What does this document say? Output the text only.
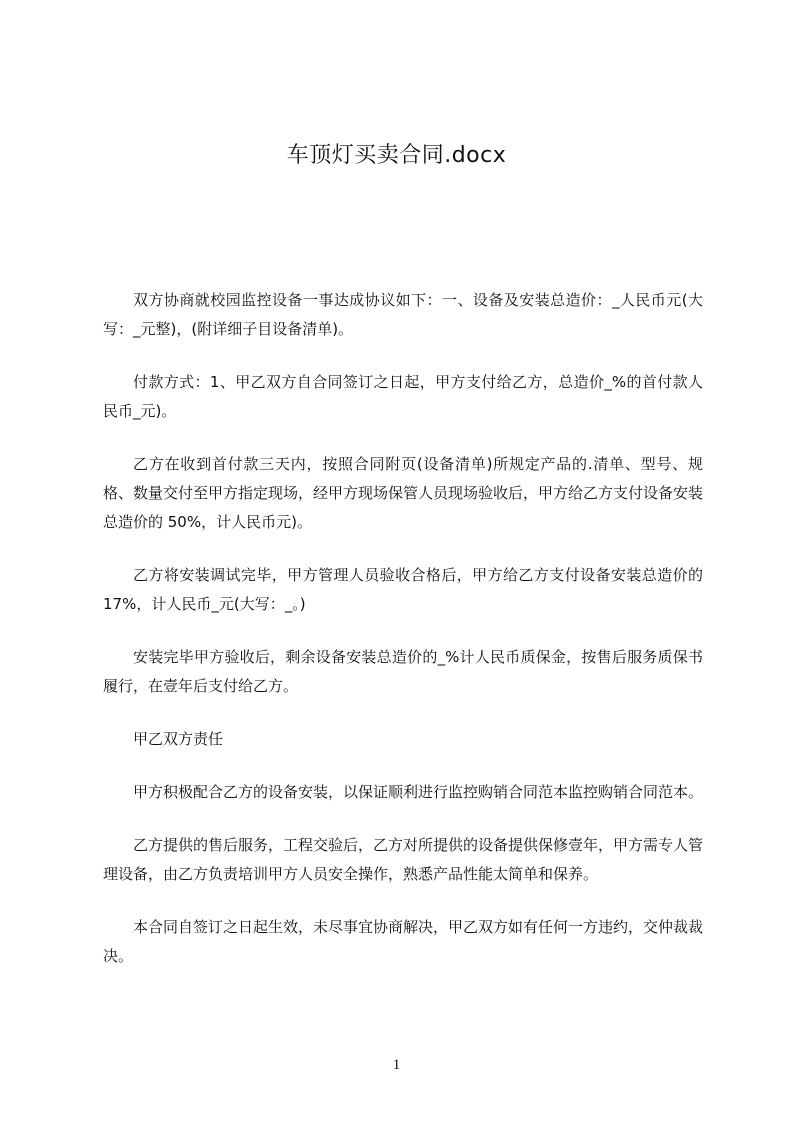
车顶灯买卖合同.docx

双方协商就校园监控设备一事达成协议如下：一、设备及安装总造价：_人民币元(大写：_元整)，(附详细子目设备清单)。

付款方式：1、甲乙双方自合同签订之日起，甲方支付给乙方，总造价_%的首付款人民币_元)。

乙方在收到首付款三天内，按照合同附页(设备清单)所规定产品的.清单、型号、规格、数量交付至甲方指定现场，经甲方现场保管人员现场验收后，甲方给乙方支付设备安装总造价的 50%，计人民币元)。

乙方将安装调试完毕，甲方管理人员验收合格后，甲方给乙方支付设备安装总造价的 17%，计人民币_元(大写：_。)

安装完毕甲方验收后，剩余设备安装总造价的_%计人民币质保金，按售后服务质保书履行，在壹年后支付给乙方。

甲乙双方责任

甲方积极配合乙方的设备安装，以保证顺利进行监控购销合同范本监控购销合同范本。

乙方提供的售后服务，工程交验后，乙方对所提供的设备提供保修壹年，甲方需专人管理设备，由乙方负责培训甲方人员安全操作，熟悉产品性能太简单和保养。

本合同自签订之日起生效，未尽事宜协商解决，甲乙双方如有任何一方违约，交仲裁裁决。

1
